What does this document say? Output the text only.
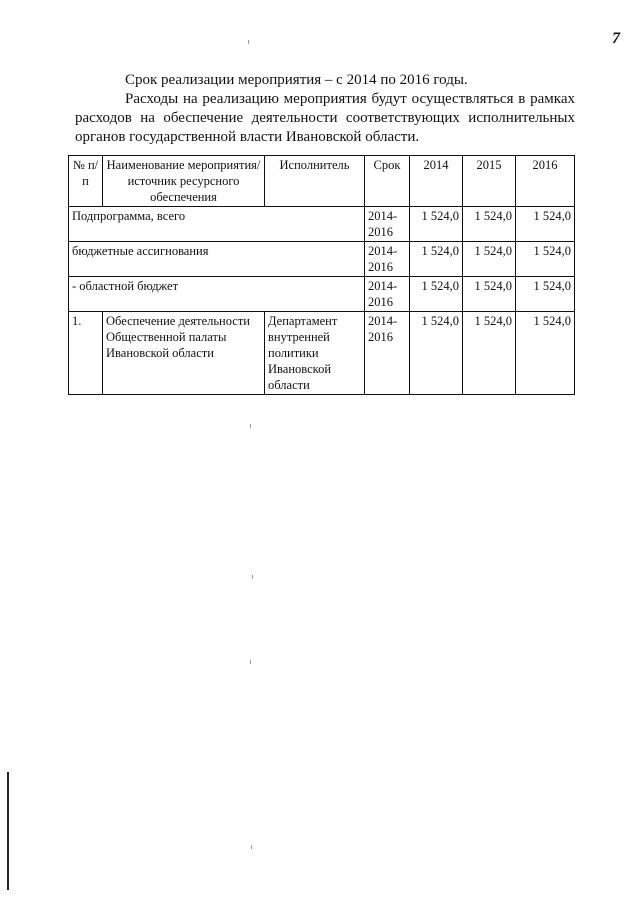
7

Срок реализации мероприятия – с 2014 по 2016 годы.

Расходы на реализацию мероприятия будут осуществляться в рамках расходов на обеспечение деятельности соответствующих исполнительных органов государственной власти Ивановской области.

№ п/п	Наименование мероприятия/ источник ресурсного обеспечения	Исполнитель	Срок	2014	2015	2016
Подпрограмма, всего			2014-2016	1 524,0	1 524,0	1 524,0
бюджетные ассигнования			2014-2016	1 524,0	1 524,0	1 524,0
- областной бюджет			2014-2016	1 524,0	1 524,0	1 524,0
1.	Обеспечение деятельности Общественной палаты Ивановской области	Департамент внутренней политики Ивановской области	2014-2016	1 524,0	1 524,0	1 524,0
